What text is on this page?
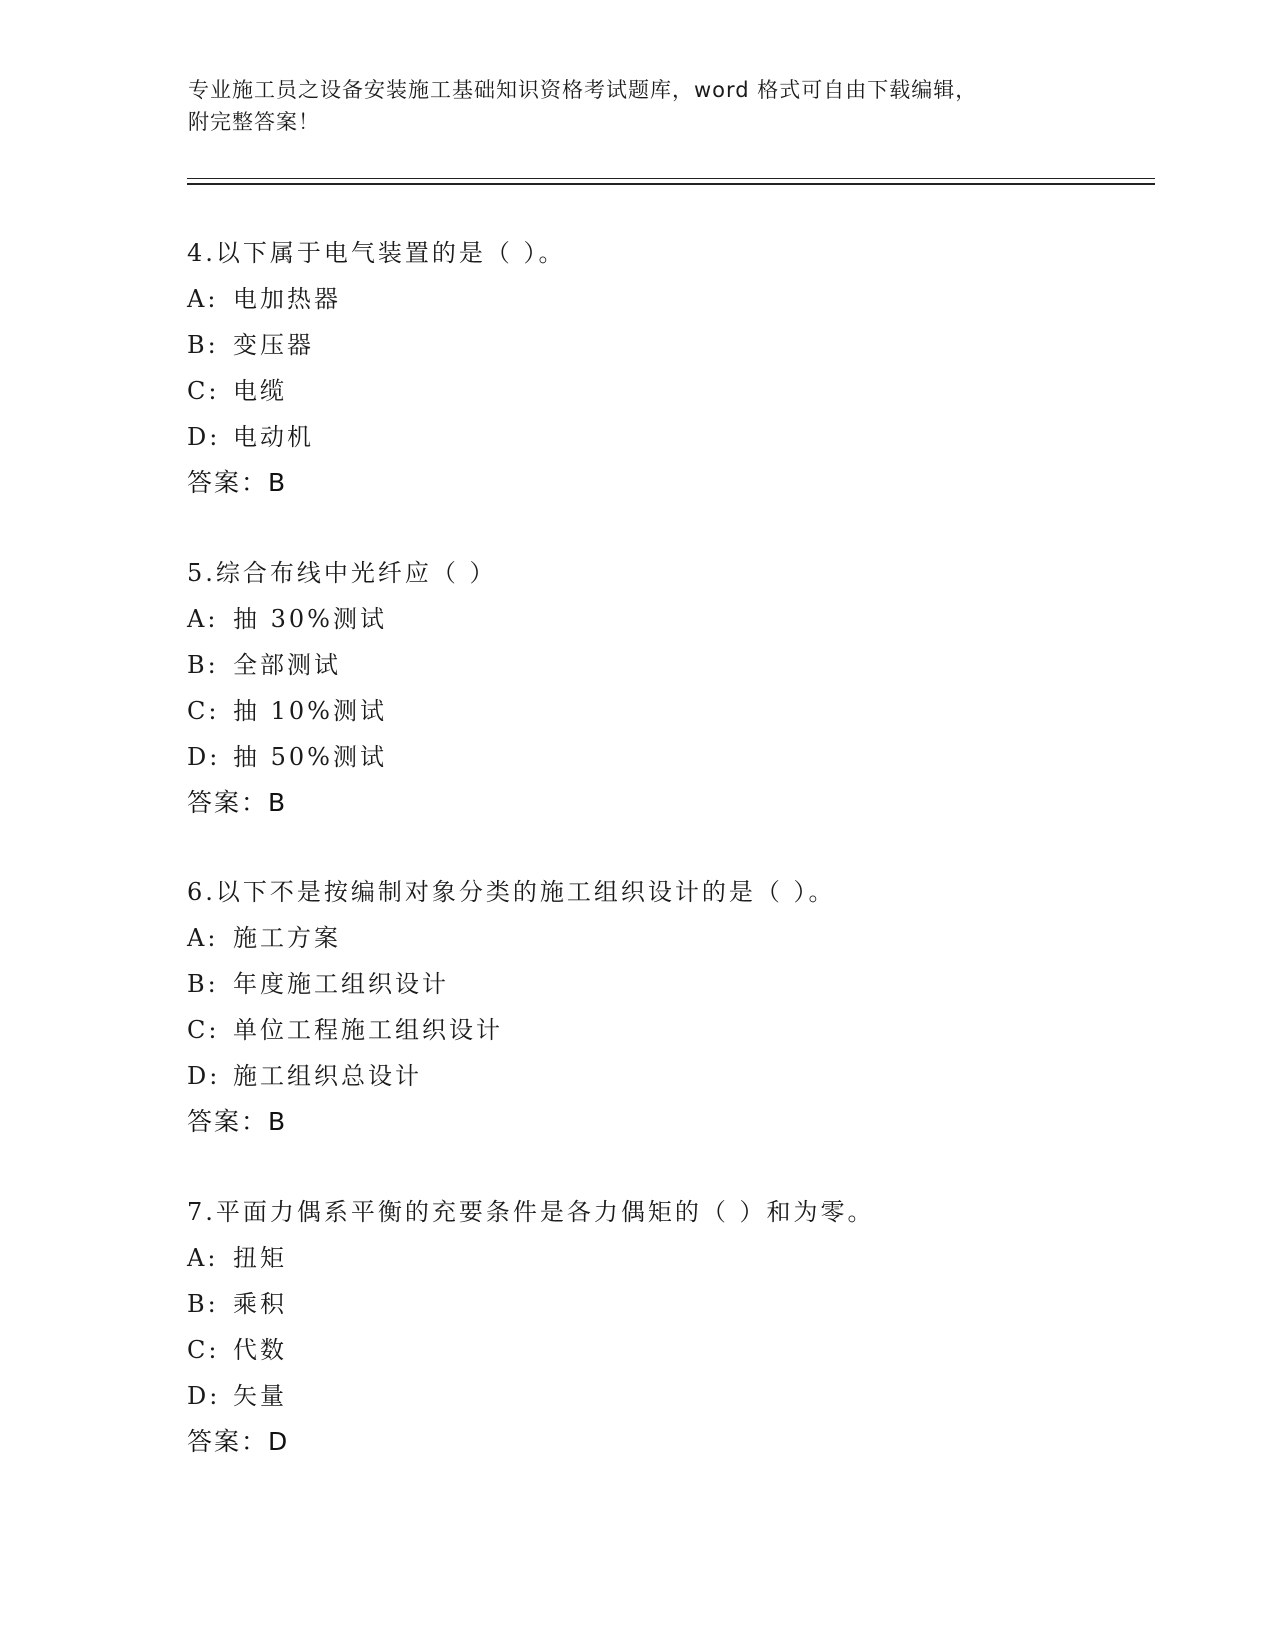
专业施工员之设备安装施工基础知识资格考试题库，word 格式可自由下载编辑，
附完整答案！
4.以下属于电气装置的是（ ）。
A: 电加热器
B: 变压器
C: 电缆
D: 电动机
答案：B
5.综合布线中光纤应（ ）
A: 抽 30%测试
B: 全部测试
C: 抽 10%测试
D: 抽 50%测试
答案：B
6.以下不是按编制对象分类的施工组织设计的是（ ）。
A: 施工方案
B: 年度施工组织设计
C: 单位工程施工组织设计
D: 施工组织总设计
答案：B
7.平面力偶系平衡的充要条件是各力偶矩的（ ）和为零。
A: 扭矩
B: 乘积
C: 代数
D: 矢量
答案：D
